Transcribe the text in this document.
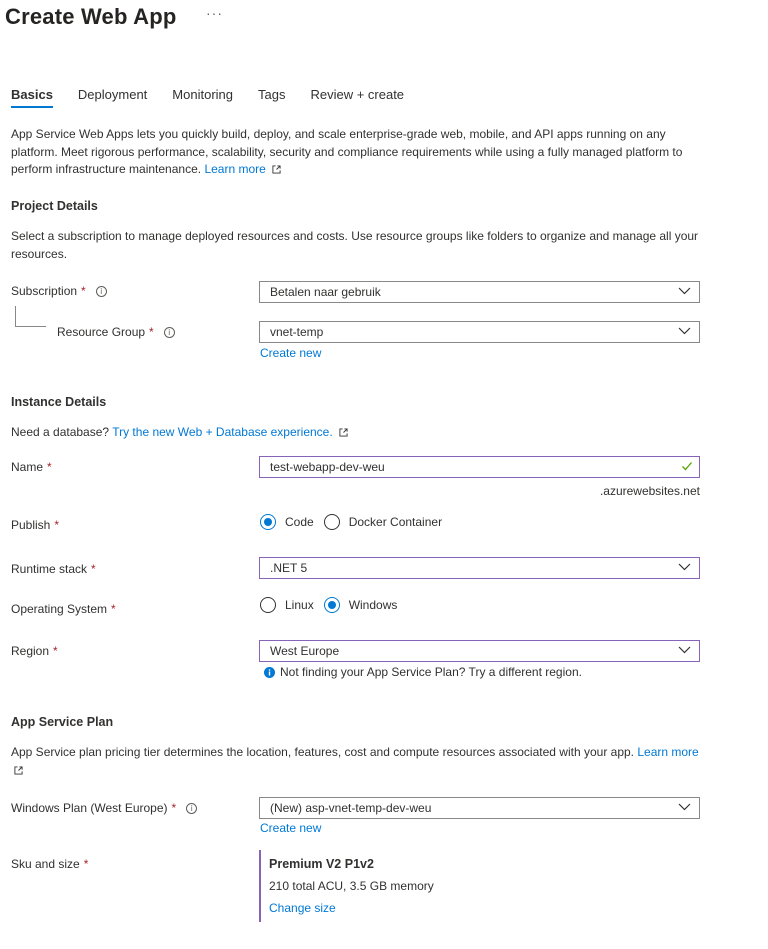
Create Web App ···
Basics Deployment Monitoring Tags Review + create
App Service Web Apps lets you quickly build, deploy, and scale enterprise-grade web, mobile, and API apps running on any platform. Meet rigorous performance, scalability, security and compliance requirements while using a fully managed platform to perform infrastructure maintenance. Learn more
Project Details
Select a subscription to manage deployed resources and costs. Use resource groups like folders to organize and manage all your resources.
Subscription *	i	Betalen naar gebruik
Resource Group *	i	vnet-temp
Create new
Instance Details
Need a database? Try the new Web + Database experience.
Name *	test-webapp-dev-weu
.azurewebsites.net
Publish *	Code	Docker Container
Runtime stack *	.NET 5
Operating System *	Linux	Windows
Region *	West Europe
Not finding your App Service Plan? Try a different region.
App Service Plan
App Service plan pricing tier determines the location, features, cost and compute resources associated with your app. Learn more
Windows Plan (West Europe) *	i	(New) asp-vnet-temp-dev-weu
Create new
Sku and size *	Premium V2 P1v2
210 total ACU, 3.5 GB memory
Change size
